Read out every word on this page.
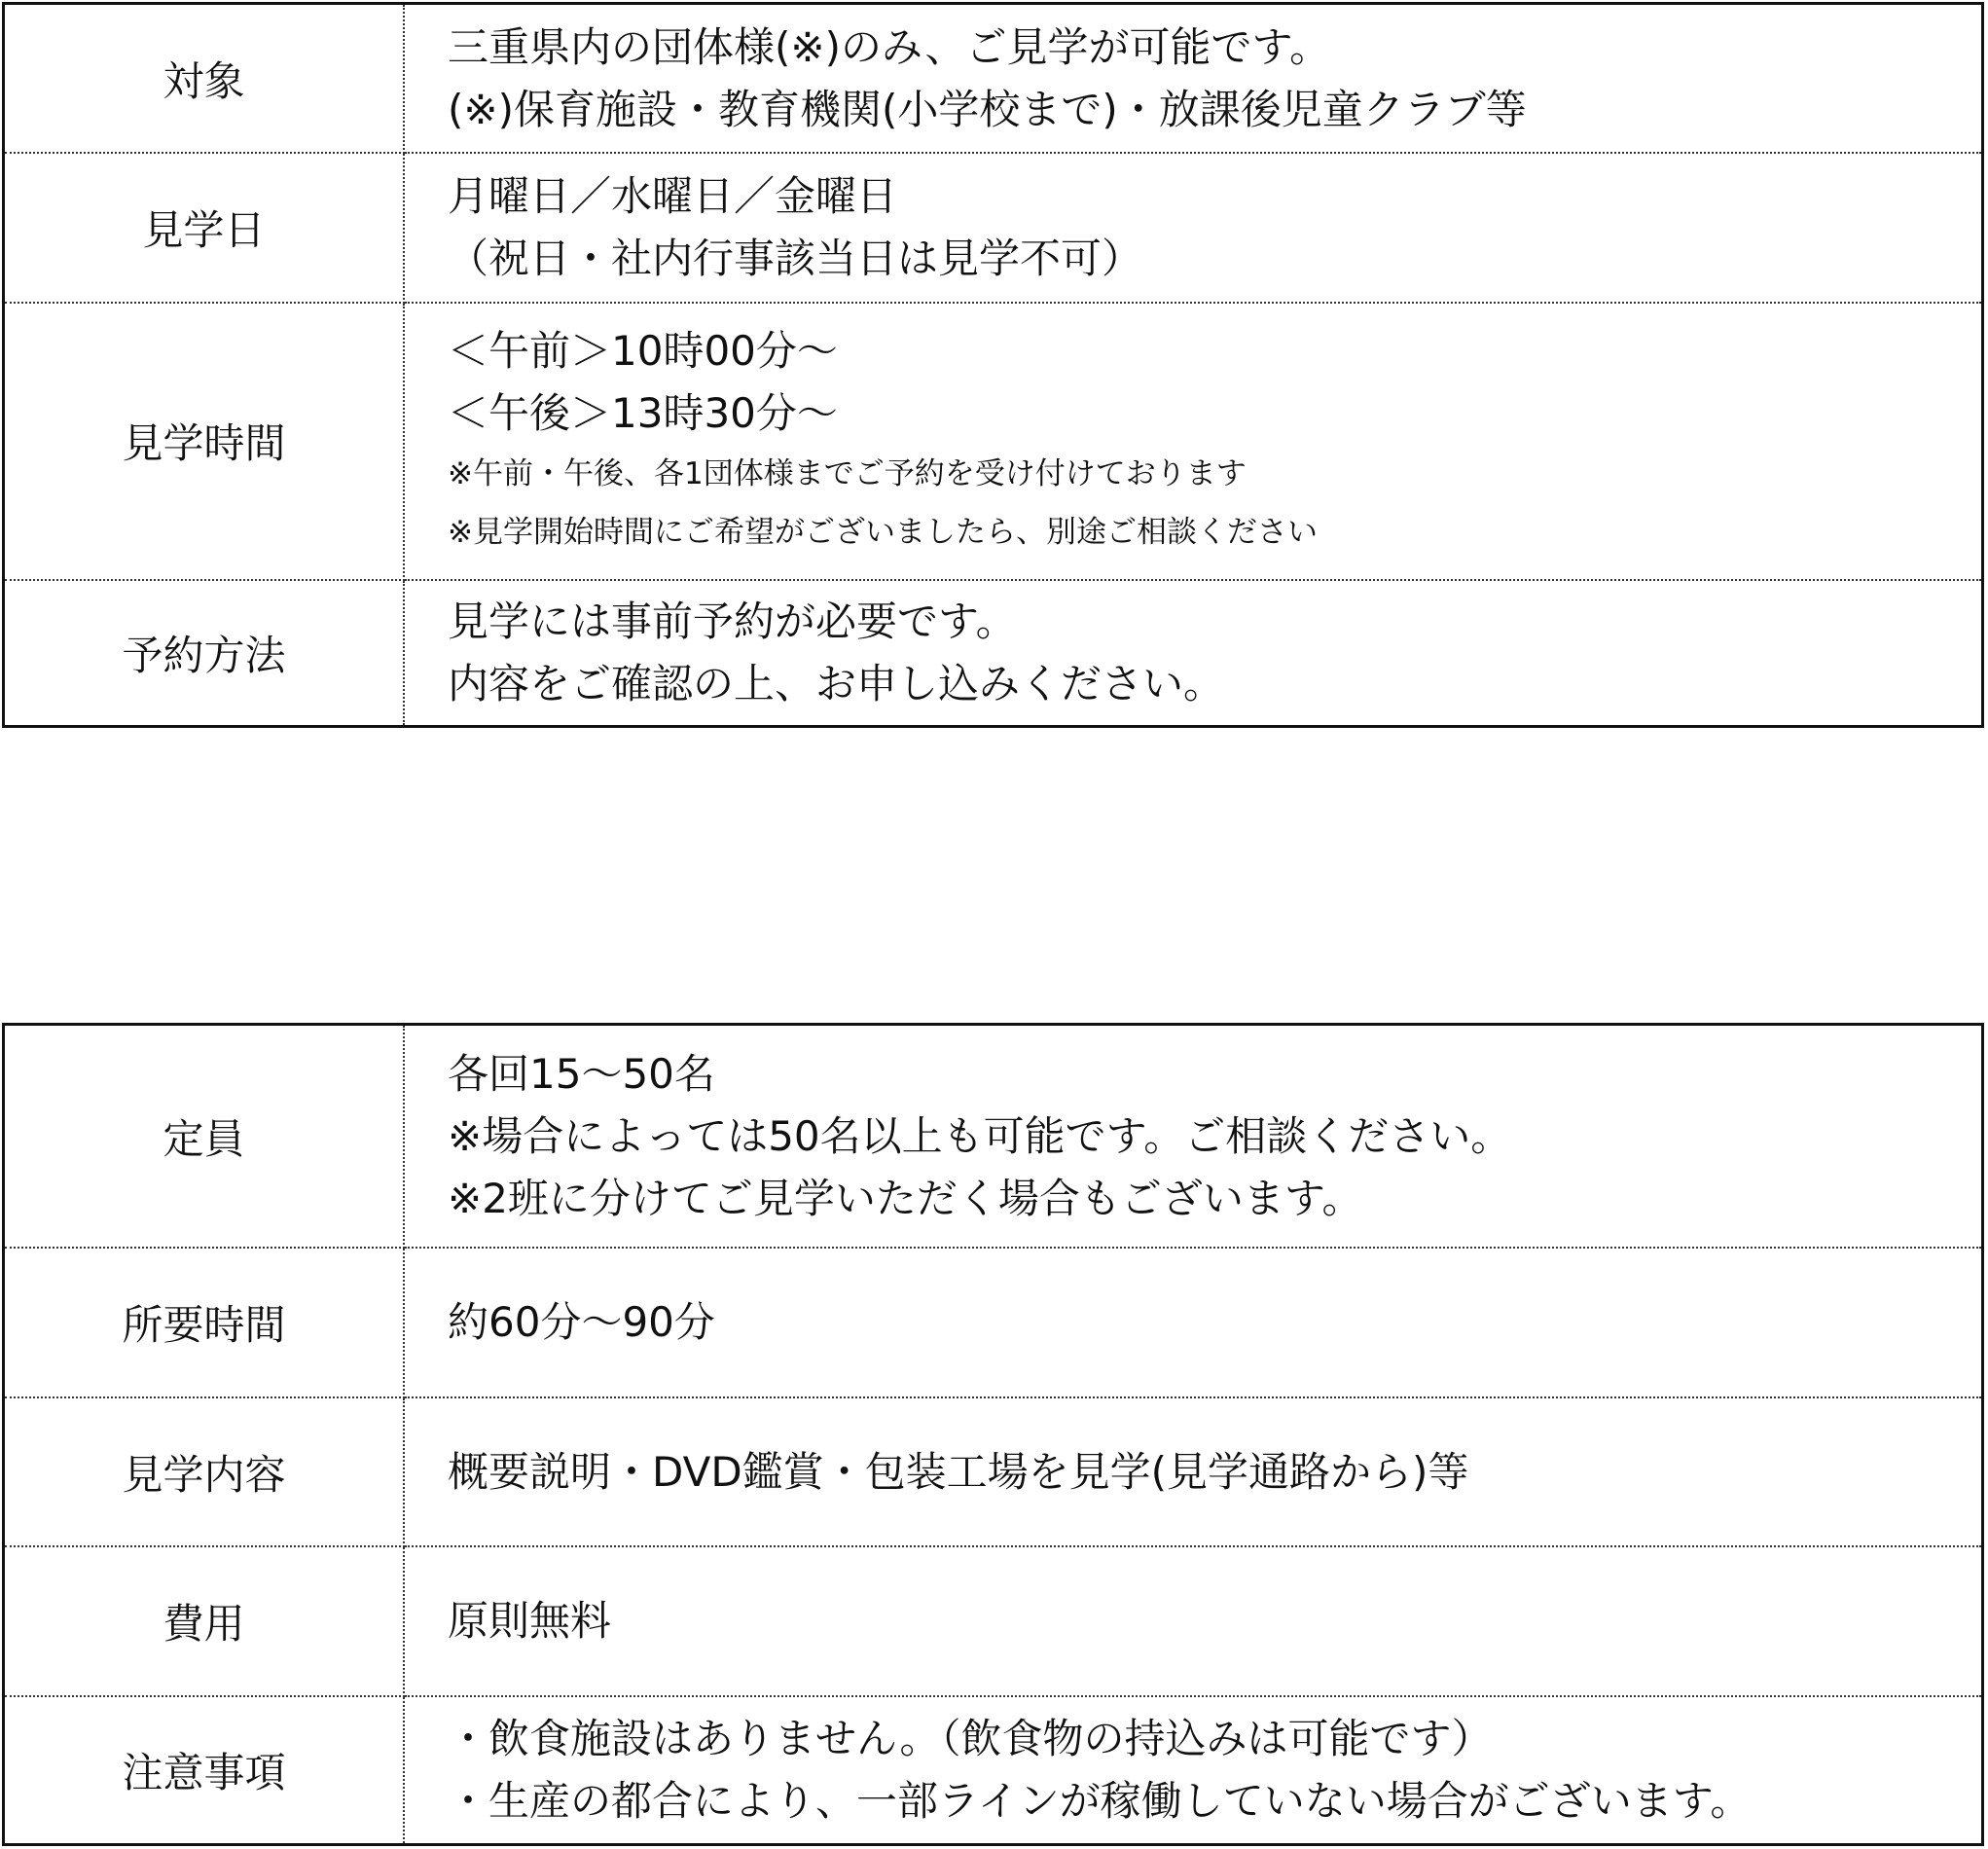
対象	三重県内の団体様(※)のみ、ご見学が可能です。
(※)保育施設・教育機関(小学校まで)・放課後児童クラブ等

見学日	月曜日／水曜日／金曜日
（祝日・社内行事該当日は見学不可）

見学時間	＜午前＞10時00分～
＜午後＞13時30分～
※午前・午後、各1団体様までご予約を受け付けております
※見学開始時間にご希望がございましたら、別途ご相談ください

予約方法	見学には事前予約が必要です。
内容をご確認の上、お申し込みください。
定員	各回15～50名
※場合によっては50名以上も可能です。ご相談ください。
※2班に分けてご見学いただく場合もございます。

所要時間	約60分～90分

見学内容	概要説明・DVD鑑賞・包装工場を見学(見学通路から)等

費用	原則無料

注意事項	・飲食施設はありません。（飲食物の持込みは可能です）
・生産の都合により、一部ラインが稼働していない場合がございます。
